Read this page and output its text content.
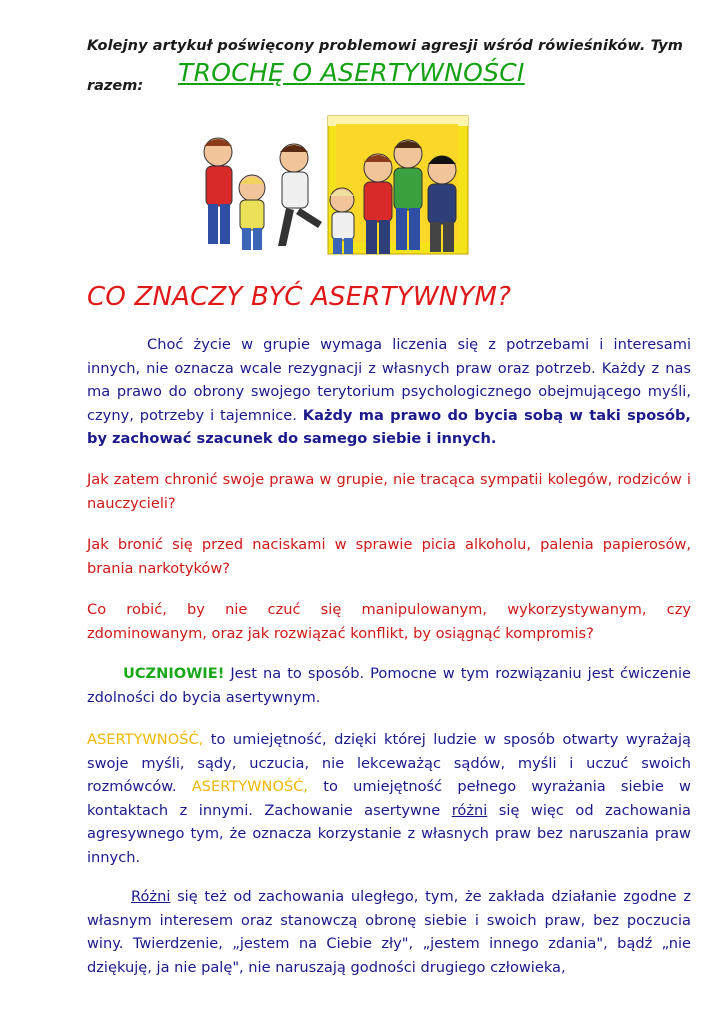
Kolejny artykuł poświęcony problemowi agresji wśród rówieśników. Tym
razem: TROCHĘ O ASERTYWNOŚCI
CO ZNACZY BYĆ ASERTYWNYM?
Choć życie w grupie wymaga liczenia się z potrzebami i interesami innych, nie oznacza wcale rezygnacji z własnych praw oraz potrzeb. Każdy z nas ma prawo do obrony swojego terytorium psychologicznego obejmującego myśli, czyny, potrzeby i tajemnice. Każdy ma prawo do bycia sobą w taki sposób, by zachować szacunek do samego siebie i innych.
Jak zatem chronić swoje prawa w grupie, nie tracąca sympatii kolegów, rodziców i nauczycieli?
Jak bronić się przed naciskami w sprawie picia alkoholu, palenia papierosów, brania narkotyków?
Co robić, by nie czuć się manipulowanym, wykorzystywanym, czy zdominowanym, oraz jak rozwiązać konflikt, by osiągnąć kompromis?
UCZNIOWIE! Jest na to sposób. Pomocne w tym rozwiązaniu jest ćwiczenie zdolności do bycia asertywnym.
ASERTYWNOŚĆ, to umiejętność, dzięki której ludzie w sposób otwarty wyrażają swoje myśli, sądy, uczucia, nie lekceważąc sądów, myśli i uczuć swoich rozmówców. ASERTYWNOŚĆ, to umiejętność pełnego wyrażania siebie w kontaktach z innymi. Zachowanie asertywne różni się więc od zachowania agresywnego tym, że oznacza korzystanie z własnych praw bez naruszania praw innych.
Różni się też od zachowania uległego, tym, że zakłada działanie zgodne z własnym interesem oraz stanowczą obronę siebie i swoich praw, bez poczucia winy. Twierdzenie, „jestem na Ciebie zły", „jestem innego zdania", bądź „nie dziękuję, ja nie palę", nie naruszają godności drugiego człowieka,
